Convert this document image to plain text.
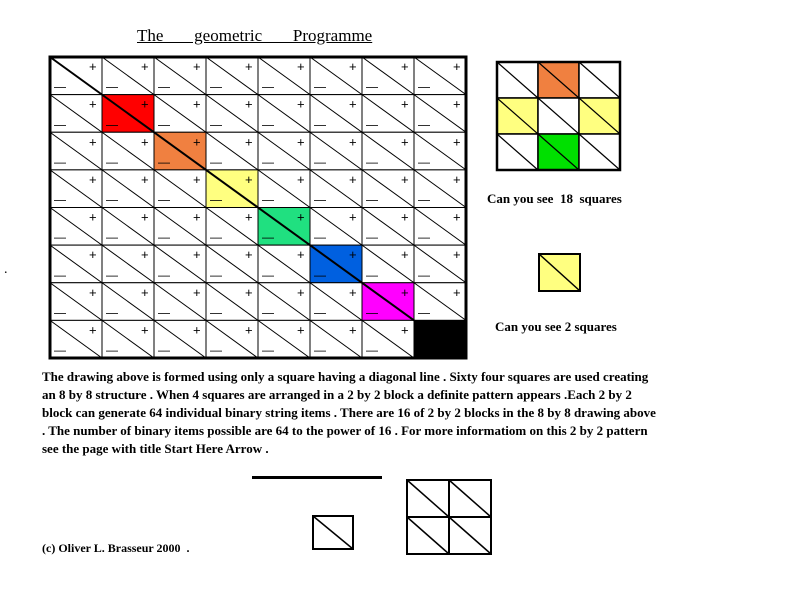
The   geometric   Programme
+
—
+
—
+
—
+
—
+
—
+
—
+
—
+
—
+
—
+
—
+
—
+
—
+
—
+
—
+
—
+
—
+
—
+
—
+
—
+
—
+
—
+
—
+
—
+
—
+
—
+
—
+
—
+
—
+
—
+
—
+
—
+
—
+
—
+
—
+
—
+
—
+
—
+
—
+
—
+
—
+
—
+
—
+
—
+
—
+
—
+
—
+
—
+
—
+
—
+
—
+
—
+
—
+
—
+
—
+
—
+
—
+
—
+
—
+
—
+
—
+
—
+
—
+
—
Can you see  18  squares
Can you see 2 squares
The drawing above is formed using only a square having a diagonal line . Sixty four squares are used creating an 8 by 8 structure . When 4 squares are arranged in a 2 by 2 block a definite pattern appears .Each 2 by 2 block can generate 64 individual binary string items . There are 16 of 2 by 2 blocks in the 8 by 8 drawing above . The number of binary items possible are 64 to the power of 16 . For more informatiom on this 2 by 2 pattern see the page with title Start Here Arrow .
(c) Oliver L. Brasseur 2000  .
.
